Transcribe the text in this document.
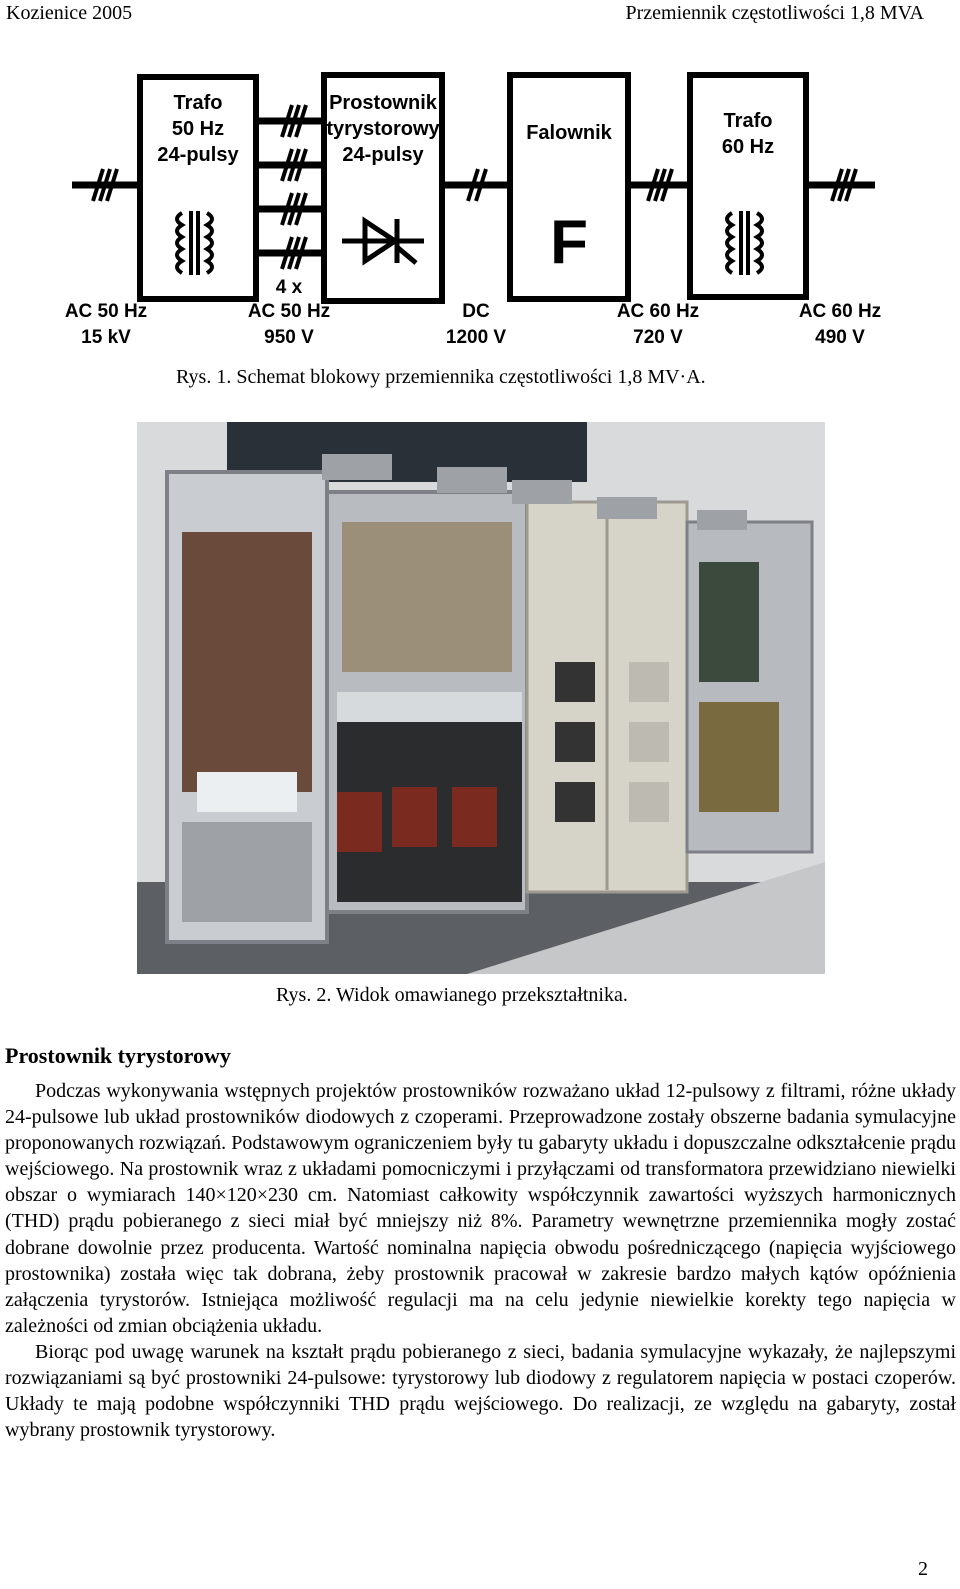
Kozienice 2005	Przemiennik częstotliwości 1,8 MVA
Trafo
50 Hz
24-pulsy
Prostownik
tyrystorowy
24-pulsy
Falownik
Trafo
60 Hz
F
4 x
AC 50 Hz
15 kV
AC 50 Hz
950 V
DC
1200 V
AC 60 Hz
720 V
AC 60 Hz
490 V
Rys. 1. Schemat blokowy przemiennika częstotliwości 1,8 MV·A.
Rys. 2. Widok omawianego przekształtnika.
Prostownik tyrystorowy

Podczas wykonywania wstępnych projektów prostowników rozważano układ 12-pulsowy z filtrami, różne układy 24-pulsowe lub układ prostowników diodowych z czoperami. Przeprowadzone zostały obszerne badania symulacyjne proponowanych rozwiązań. Podstawowym ograniczeniem były tu gabaryty układu i dopuszczalne odkształcenie prądu wejściowego. Na prostownik wraz z układami pomocniczymi i przyłączami od transformatora przewidziano niewielki obszar o wymiarach 140×120×230 cm. Natomiast całkowity współczynnik zawartości wyższych harmonicznych (THD) prądu pobieranego z sieci miał być mniejszy niż 8%. Parametry wewnętrzne przemiennika mogły zostać dobrane dowolnie przez producenta. Wartość nominalna napięcia obwodu pośredniczącego (napięcia wyjściowego prostownika) została więc tak dobrana, żeby prostownik pracował w zakresie bardzo małych kątów opóźnienia załączenia tyrystorów. Istniejąca możliwość regulacji ma na celu jedynie niewielkie korekty tego napięcia w zależności od zmian obciążenia układu.

Biorąc pod uwagę warunek na kształt prądu pobieranego z sieci, badania symulacyjne wykazały, że najlepszymi rozwiązaniami są być prostowniki 24-pulsowe: tyrystorowy lub diodowy z regulatorem napięcia w postaci czoperów. Układy te mają podobne współczynniki THD prądu wejściowego. Do realizacji, ze względu na gabaryty, został wybrany prostownik tyrystorowy.

2
